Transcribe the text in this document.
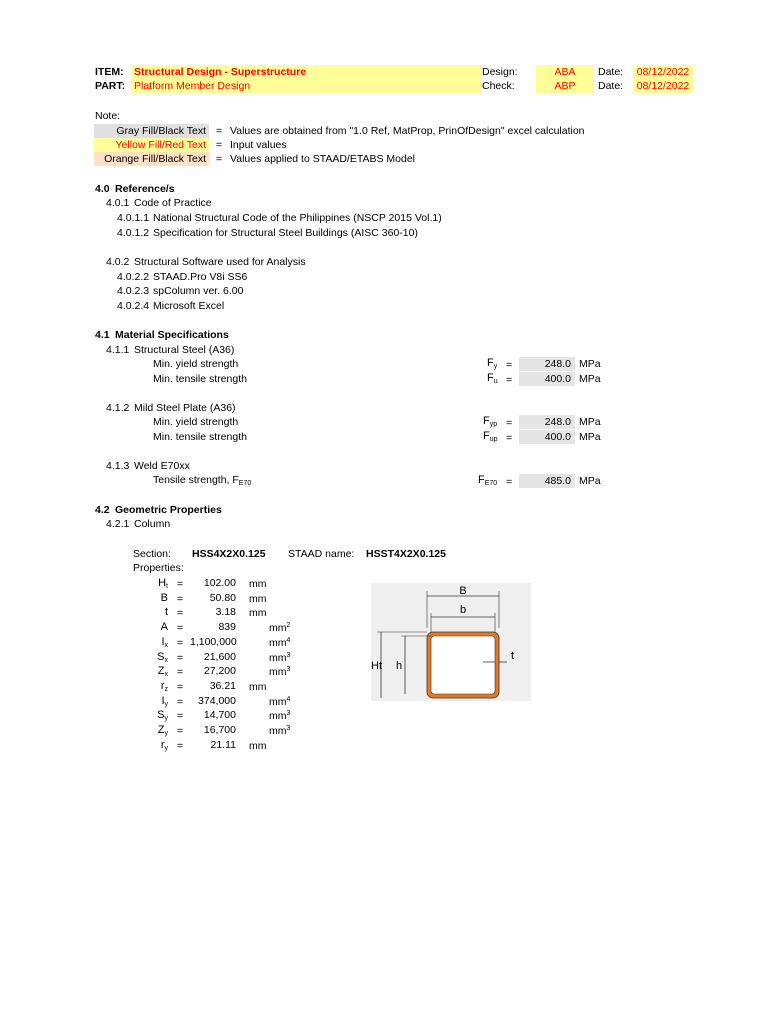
ITEM: Structural Design - Superstructure
PART: Platform Member Design
Design:	ABA	Date:	08/12/2022
Check:	ABP	Date:	08/12/2022
Note:
Gray Fill/Black Text = Values are obtained from "1.0 Ref, MatProp, PrinOfDesign" excel calculation
Yellow Fill/Red Text = Input values
Orange Fill/Black Text = Values applied to STAAD/ETABS Model
4.0 Reference/s
4.0.1 Code of Practice
4.0.1.1 National Structural Code of the Philippines (NSCP 2015 Vol.1)
4.0.1.2 Specification for Structural Steel Buildings (AISC 360-10)
4.0.2 Structural Software used for Analysis
4.0.2.2 STAAD.Pro V8i SS6
4.0.2.3 spColumn ver. 6.00
4.0.2.4 Microsoft Excel
4.1 Material Specifications
4.1.1 Structural Steel (A36)
Min. yield strength	$F_y$ =	248.0 MPa
Min. tensile strength	$F_u$ =	400.0 MPa
4.1.2 Mild Steel Plate (A36)
Min. yield strength	$F_{yp}$ =	248.0 MPa
Min. tensile strength	$F_{up}$ =	400.0 MPa
4.1.3 Weld E70xx
Tensile strength, $F_{E70}$	$F_{E70}$ =	485.0 MPa
4.2 Geometric Properties
4.2.1 Column
Section: HSS4X2X0.125 STAAD name: HSST4X2X0.125
Properties:
$H_t$ =	102.00 mm
B =	50.80 mm
t =	3.18 mm
A =	839	$mm^2$
$I_x = 1,100,000$	$mm^4$
$S_x$ =	21,600	$mm^3$
$Z_x$ =	27,200	$mm^3$
$r_z$ =	36.21 mm
$I_y$ =	374,000	$mm^4$
$S_y$ =	14,700	$mm^3$
$Z_y$ =	16,700	$mm^3$
$r_y$ =	21.11 mm
B
b
Ht h
t
